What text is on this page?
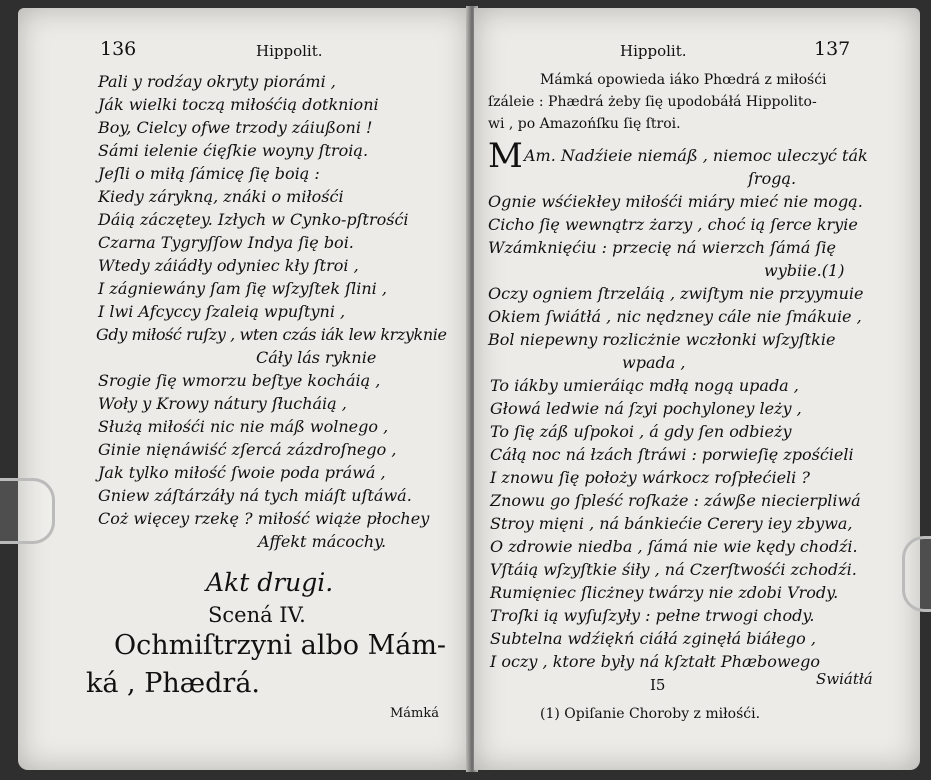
136	Hippolit.
Pali y rodźay okryty piorámi ,
Ják wielki toczą miłośćią dotknioni
Boy, Cielcy ofwe trzody záiußoni !
Sámi ielenie ćięſkie woyny ſtroią.
Jeſli o miłą ſámicę ſię boią :
Kiedy zárykną, znáki o miłośći
Dáią záczętey. Izłych w Cynko-pſtrośći
Czarna Tygryſſow Indya ſię boi.
Wtedy záiádły odyniec kły ſtroi ,
I zágniewány ſam ſię wſzyſtek ſlini ,
I lwi Afcyccy ſzaleią wpuſtyni ,
Gdy miłość ruſzy , wten czás iák lew krzyknie
Cáły lás ryknie
Srogie ſię wmorzu beſtye kocháią ,
Woły y Krowy nátury ſłucháią ,
Służą miłośći nic nie máß wolnego ,
Ginie nięnáwiść zſercá zázdroſnego ,
Jak tylko miłość ſwoie poda práwá ,
Gniew záſtárzáły ná tych miáſt uſtáwá.
Coż więcey rzekę ? miłość wiąże płochey
Affekt mácochy.
Akt drugi.
Scená IV.
Ochmiſtrzyni albo Mám-
ká , Phædrá.
Mámká
Hippolit.	137
Mámká opowieda iáko Phœdrá z miłośći
ſzáleie : Phædrá żeby ſię upodobáłá Hippolito-
wi , po Amazońſku ſię ſtroi.
M Am. Nadźieie niemáß , niemoc uleczyć ták
ſrogą.
Ognie wśćiekłey miłośći miáry mieć nie mogą.
Cicho ſię wewnątrz żarzy , choć ią ſerce kryie
Wzámknięćiu : przecię ná wierzch ſámá ſię
wybiie.(1)
Oczy ogniem ſtrzeláią , zwiſtym nie przyymuie
Okiem ſwiátłá , nic nędzney cále nie ſmákuie ,
Bol niepewny rozlicżnie wczłonki wſzyſtkie
wpada ,
To iákby umieráiąc mdłą nogą upada ,
Głowá ledwie ná ſzyi pochyloney leży ,
To ſię záß uſpokoi , á gdy ſen odbieży
Cáłą noc ná łzách ſtráwi : porwieſię zpośćieli
I znowu ſię położy wárkocz roſpłećieli ?
Znowu go ſpleść roſkaże : záwße niecierpliwá
Stroy mięni , ná bánkiećie Cerery iey zbywa,
O zdrowie niedba , ſámá nie wie kędy chodźi.
Vſtáią wſzyſtkie śiły , ná Czerſtwośći zchodźi.
Rumięniec ſlicżney twárzy nie zdobi Vrody.
Troſki ią wyſuſzyły : pełne trwogi chody.
Subtelna wdźiękń ciáłá zginęłá biáłego ,
I oczy , ktore były ná kſztałt Phæbowego
I5	Swiátłá
(1) Opiſanie Choroby z miłośći.
